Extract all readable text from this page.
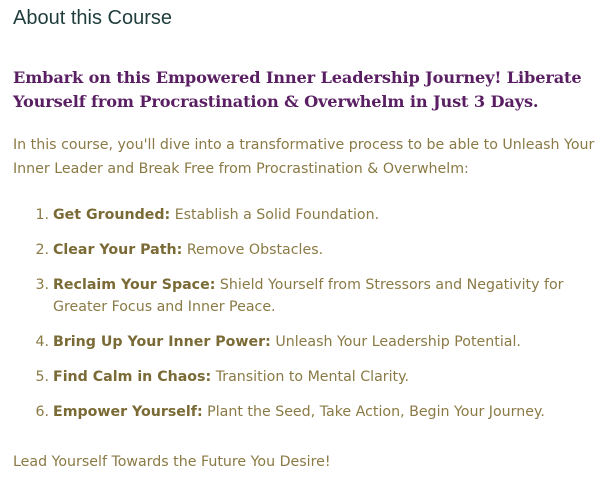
About this Course
Embark on this Empowered Inner Leadership Journey! Liberate Yourself from Procrastination & Overwhelm in Just 3 Days.

In this course, you'll dive into a transformative process to be able to Unleash Your Inner Leader and Break Free from Procrastination & Overwhelm:

1. Get Grounded: Establish a Solid Foundation.
2. Clear Your Path: Remove Obstacles.
3. Reclaim Your Space: Shield Yourself from Stressors and Negativity for Greater Focus and Inner Peace.
4. Bring Up Your Inner Power: Unleash Your Leadership Potential.
5. Find Calm in Chaos: Transition to Mental Clarity.
6. Empower Yourself: Plant the Seed, Take Action, Begin Your Journey.

Lead Yourself Towards the Future You Desire!
